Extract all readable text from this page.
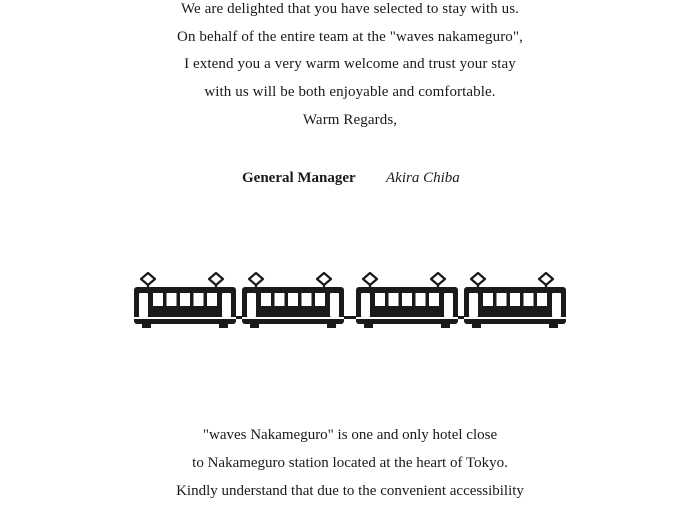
We are delighted that you have selected to stay with us.
On behalf of the entire team at the "waves nakameguro",
I extend you a very warm welcome and trust your stay
with us will be both enjoyable and comfortable.
Warm Regards,
General Manager Akira Chiba
"waves Nakameguro" is one and only hotel close
to Nakameguro station located at the heart of Tokyo.
Kindly understand that due to the convenient accessibility
